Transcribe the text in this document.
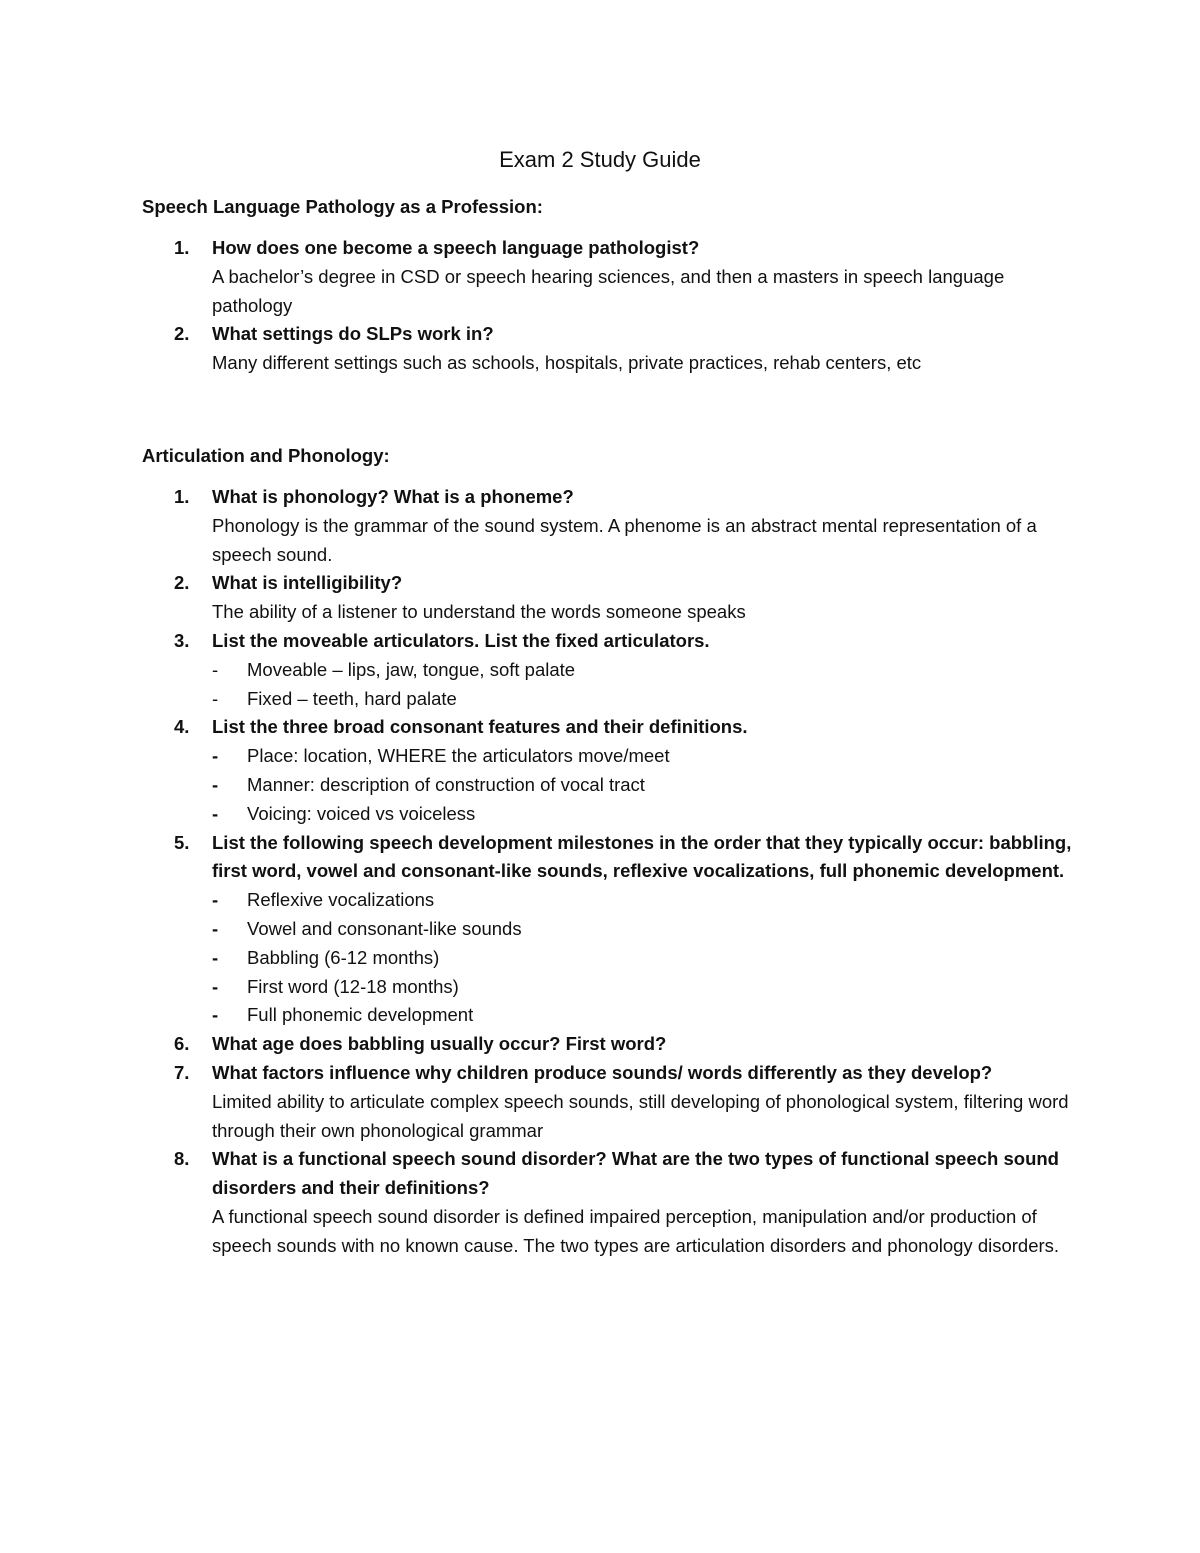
Exam 2 Study Guide
Speech Language Pathology as a Profession:
1. How does one become a speech language pathologist?
A bachelor’s degree in CSD or speech hearing sciences, and then a masters in speech language pathology
2. What settings do SLPs work in?
Many different settings such as schools, hospitals, private practices, rehab centers, etc
Articulation and Phonology:
1. What is phonology? What is a phoneme?
Phonology is the grammar of the sound system. A phenome is an abstract mental representation of a speech sound.
2. What is intelligibility?
The ability of a listener to understand the words someone speaks
3. List the moveable articulators. List the fixed articulators.
- Moveable – lips, jaw, tongue, soft palate
- Fixed – teeth, hard palate
4. List the three broad consonant features and their definitions.
- Place: location, WHERE the articulators move/meet
- Manner: description of construction of vocal tract
- Voicing: voiced vs voiceless
5. List the following speech development milestones in the order that they typically occur: babbling, first word, vowel and consonant-like sounds, reflexive vocalizations, full phonemic development.
- Reflexive vocalizations
- Vowel and consonant-like sounds
- Babbling (6-12 months)
- First word (12-18 months)
- Full phonemic development
6. What age does babbling usually occur? First word?
7. What factors influence why children produce sounds/ words differently as they develop?
Limited ability to articulate complex speech sounds, still developing of phonological system, filtering word through their own phonological grammar
8. What is a functional speech sound disorder? What are the two types of functional speech sound disorders and their definitions?
A functional speech sound disorder is defined impaired perception, manipulation and/or production of speech sounds with no known cause. The two types are articulation disorders and phonology disorders.
